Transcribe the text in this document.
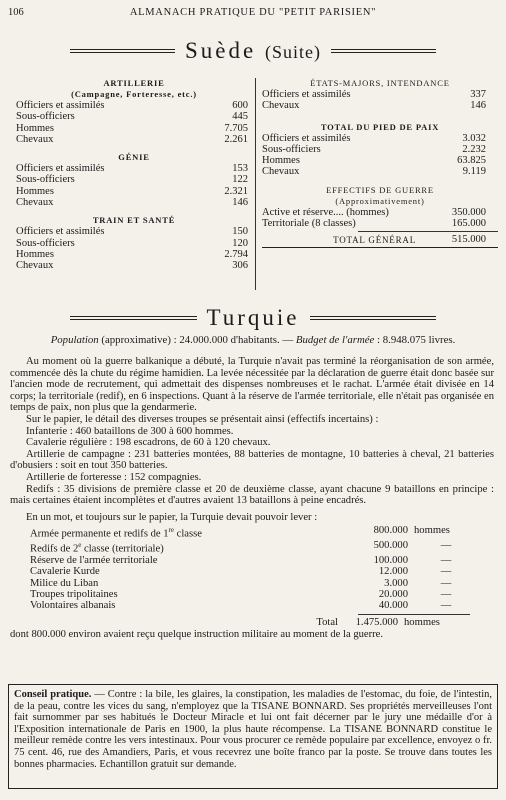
106	ALMANACH PRATIQUE DU "PETIT PARISIEN"
Suède (Suite)
ARTILLERIE
(Campagne, Forteresse, etc.)
Officiers et assimilés	600
Sous-officiers	445
Hommes	7.705
Chevaux	2.261
GÉNIE
Officiers et assimilés	153
Sous-officiers	122
Hommes	2.321
Chevaux	146
TRAIN ET SANTÉ
Officiers et assimilés	150
Sous-officiers	120
Hommes	2.794
Chevaux	306
ÉTATS-MAJORS, INTENDANCE
Officiers et assimilés	337
Chevaux	146
TOTAL DU PIED DE PAIX
Officiers et assimilés	3.032
Sous-officiers	2.232
Hommes	63.825
Chevaux	9.119
EFFECTIFS DE GUERRE
(Approximativement)
Active et réserve.... (hommes)	350.000
Territoriale (8 classes)	165.000
TOTAL GÉNÉRAL	515.000
Turquie
Population (approximative) : 24.000.000 d'habitants. — Budget de l'armée : 8.948.075 livres.

Au moment où la guerre balkanique a débuté, la Turquie n'avait pas terminé la réorganisation de son armée, commencée dès la chute du régime hamidien. La levée nécessitée par la déclaration de guerre était donc basée sur l'ancien mode de recrutement, qui admettait des dispenses nombreuses et le rachat. L'armée était divisée en 14 corps; la territoriale (redif), en 6 inspections. Quant à la réserve de l'armée territoriale, elle n'était pas organisée en temps de paix, non plus que la gendarmerie.

Sur le papier, le détail des diverses troupes se présentait ainsi (effectifs incertains) :

Infanterie : 460 bataillons de 300 à 600 hommes.

Cavalerie régulière : 198 escadrons, de 60 à 120 chevaux.

Artillerie de campagne : 231 batteries montées, 88 batteries de montagne, 10 batteries à cheval, 21 batteries d'obusiers : soit en tout 350 batteries.

Artillerie de forteresse : 152 compagnies.

Redifs : 35 divisions de première classe et 20 de deuxième classe, ayant chacune 9 bataillons en principe : mais certaines étaient incomplètes et d'autres avaient 13 bataillons à peine encadrés.

En un mot, et toujours sur le papier, la Turquie devait pouvoir lever :

Armée permanente et redifs de 1re classe	800.000 hommes
Redifs de 2e classe (territoriale)	500.000	—
Réserve de l'armée territoriale	100.000	—
Cavalerie Kurde	12.000	—
Milice du Liban	3.000	—
Troupes tripolitaines	20.000	—
Volontaires albanais	40.000	—
Total	1.475.000 hommes

dont 800.000 environ avaient reçu quelque instruction militaire au moment de la guerre.

Conseil pratique. — Contre : la bile, les glaires, la constipation, les maladies de l'estomac, du foie, de l'intestin, de la peau, contre les vices du sang, n'employez que la TISANE BONNARD. Ses propriétés merveilleuses l'ont fait surnommer par ses habitués le Docteur Miracle et lui ont fait décerner par le jury une médaille d'or à l'Exposition internationale de Paris en 1900, la plus haute récompense. La TISANE BONNARD constitue le meilleur remède contre les vers intestinaux. Pour vous procurer ce remède populaire par excellence, envoyez o fr. 75 cent. 46, rue des Amandiers, Paris, et vous recevrez une boîte franco par la poste. Se trouve dans toutes les bonnes pharmacies. Echantillon gratuit sur demande.
